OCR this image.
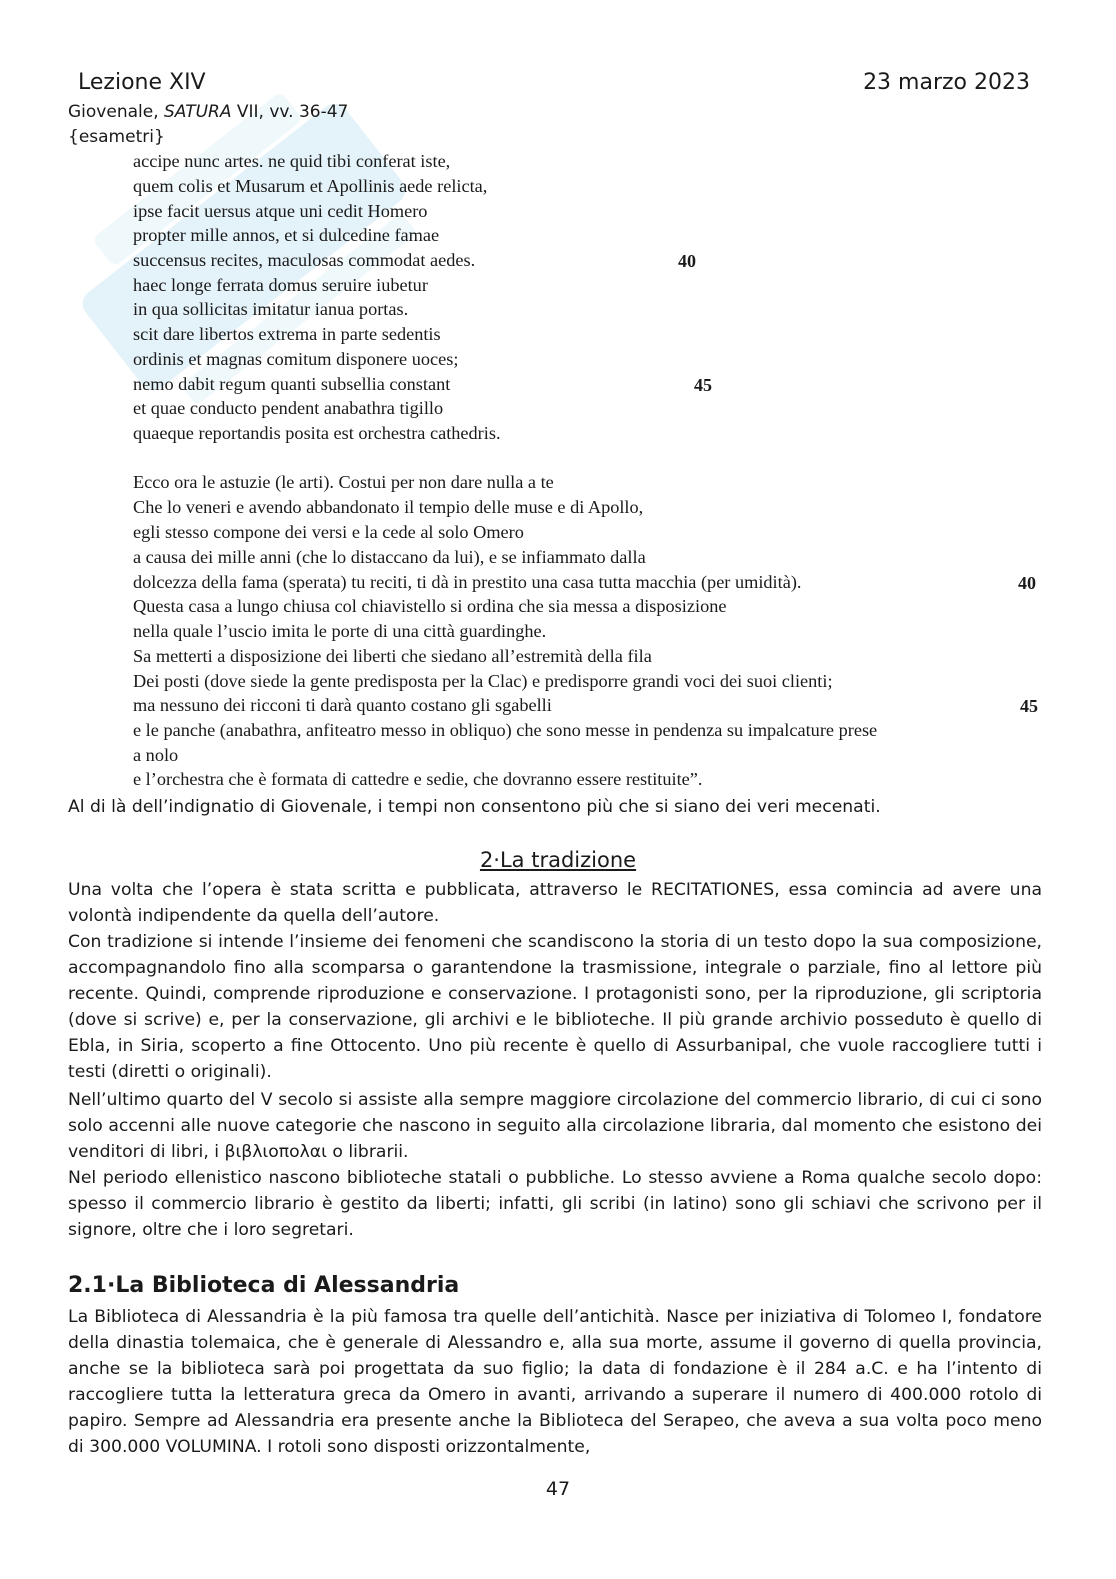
Lezione XIV	23 marzo 2023
Giovenale, SATURA VII, vv. 36-47
{esametri}
accipe nunc artes. ne quid tibi conferat iste,
quem colis et Musarum et Apollinis aede relicta,
ipse facit uersus atque uni cedit Homero
propter mille annos, et si dulcedine famae
succensus recites, maculosas commodat aedes.	40
haec longe ferrata domus seruire iubetur
in qua sollicitas imitatur ianua portas.
scit dare libertos extrema in parte sedentis
ordinis et magnas comitum disponere uoces;
nemo dabit regum quanti subsellia constant	45
et quae conducto pendent anabathra tigillo
quaeque reportandis posita est orchestra cathedris.
Ecco ora le astuzie (le arti). Costui per non dare nulla a te
Che lo veneri e avendo abbandonato il tempio delle muse e di Apollo,
egli stesso compone dei versi e la cede al solo Omero
a causa dei mille anni (che lo distaccano da lui), e se infiammato dalla
dolcezza della fama (sperata) tu reciti, ti dà in prestito una casa tutta macchia (per umidità).	40
Questa casa a lungo chiusa col chiavistello si ordina che sia messa a disposizione
nella quale l’uscio imita le porte di una città guardinghe.
Sa metterti a disposizione dei liberti che siedano all’estremità della fila
Dei posti (dove siede la gente predisposta per la Clac) e predisporre grandi voci dei suoi clienti;
ma nessuno dei ricconi ti darà quanto costano gli sgabelli	45
e le panche (anabathra, anfiteatro messo in obliquo) che sono messe in pendenza su impalcature prese
a nolo
e l’orchestra che è formata di cattedre e sedie, che dovranno essere restituite”.
Al di là dell’indignatio di Giovenale, i tempi non consentono più che si siano dei veri mecenati.
2·La tradizione

Una volta che l’opera è stata scritta e pubblicata, attraverso le RECITATIONES, essa comincia ad avere una volontà indipendente da quella dell’autore.

Con tradizione si intende l’insieme dei fenomeni che scandiscono la storia di un testo dopo la sua composizione, accompagnandolo fino alla scomparsa o garantendone la trasmissione, integrale o parziale, fino al lettore più recente. Quindi, comprende riproduzione e conservazione. I protagonisti sono, per la riproduzione, gli scriptoria (dove si scrive) e, per la conservazione, gli archivi e le biblioteche. Il più grande archivio posseduto è quello di Ebla, in Siria, scoperto a fine Ottocento. Uno più recente è quello di Assurbanipal, che vuole raccogliere tutti i testi (diretti o originali).

Nell’ultimo quarto del V secolo si assiste alla sempre maggiore circolazione del commercio librario, di cui ci sono solo accenni alle nuove categorie che nascono in seguito alla circolazione libraria, dal momento che esistono dei venditori di libri, i βιβλιοπολαι o librarii.

Nel periodo ellenistico nascono biblioteche statali o pubbliche. Lo stesso avviene a Roma qualche secolo dopo: spesso il commercio librario è gestito da liberti; infatti, gli scribi (in latino) sono gli schiavi che scrivono per il signore, oltre che i loro segretari.

2.1·La Biblioteca di Alessandria

La Biblioteca di Alessandria è la più famosa tra quelle dell’antichità. Nasce per iniziativa di Tolomeo I, fondatore della dinastia tolemaica, che è generale di Alessandro e, alla sua morte, assume il governo di quella provincia, anche se la biblioteca sarà poi progettata da suo figlio; la data di fondazione è il 284 a.C. e ha l’intento di raccogliere tutta la letteratura greca da Omero in avanti, arrivando a superare il numero di 400.000 rotolo di papiro. Sempre ad Alessandria era presente anche la Biblioteca del Serapeo, che aveva a sua volta poco meno di 300.000 VOLUMINA. I rotoli sono disposti orizzontalmente,

47
